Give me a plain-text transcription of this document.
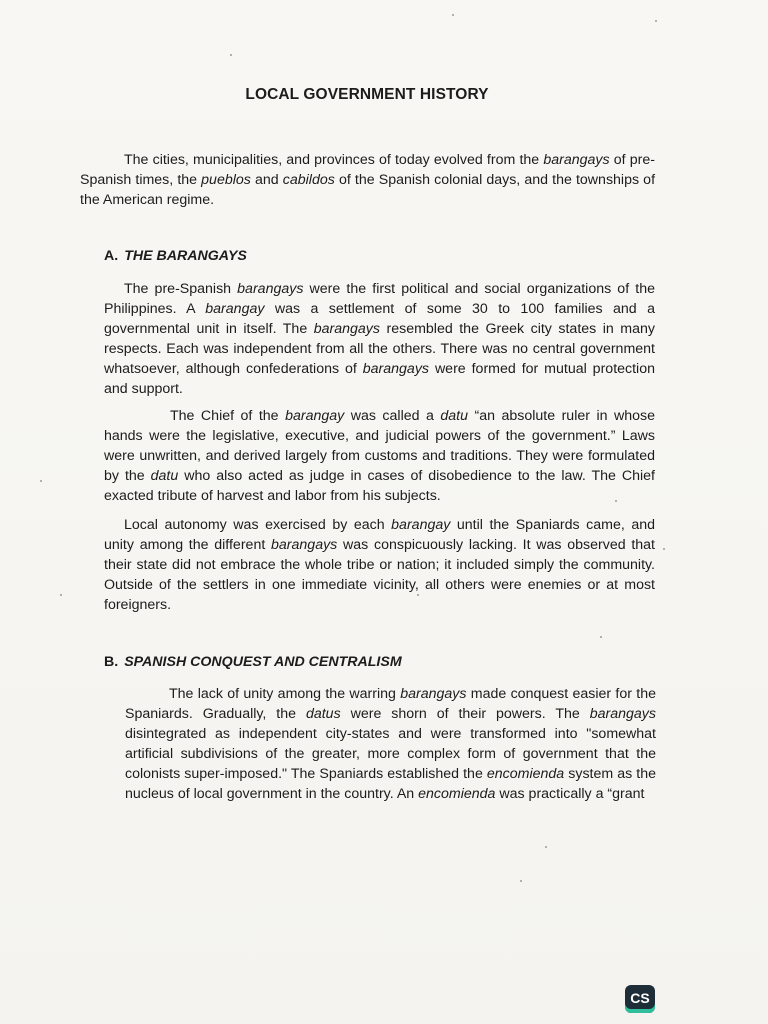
LOCAL GOVERNMENT HISTORY
The cities, municipalities, and provinces of today evolved from the barangays of pre-Spanish times, the pueblos and cabildos of the Spanish colonial days, and the townships of the American regime.
A. THE BARANGAYS
The pre-Spanish barangays were the first political and social organizations of the Philippines. A barangay was a settlement of some 30 to 100 families and a governmental unit in itself. The barangays resembled the Greek city states in many respects. Each was independent from all the others. There was no central government whatsoever, although confederations of barangays were formed for mutual protection and support.
The Chief of the barangay was called a datu “an absolute ruler in whose hands were the legislative, executive, and judicial powers of the government.” Laws were unwritten, and derived largely from customs and traditions. They were formulated by the datu who also acted as judge in cases of disobedience to the law. The Chief exacted tribute of harvest and labor from his subjects.
Local autonomy was exercised by each barangay until the Spaniards came, and unity among the different barangays was conspicuously lacking. It was observed that their state did not embrace the whole tribe or nation; it included simply the community. Outside of the settlers in one immediate vicinity, all others were enemies or at most foreigners.
B. SPANISH CONQUEST AND CENTRALISM
The lack of unity among the warring barangays made conquest easier for the Spaniards. Gradually, the datus were shorn of their powers. The barangays disintegrated as independent city-states and were transformed into "somewhat artificial subdivisions of the greater, more complex form of government that the colonists super-imposed." The Spaniards established the encomienda system as the nucleus of local government in the country. An encomienda was practically a “grant
CS
